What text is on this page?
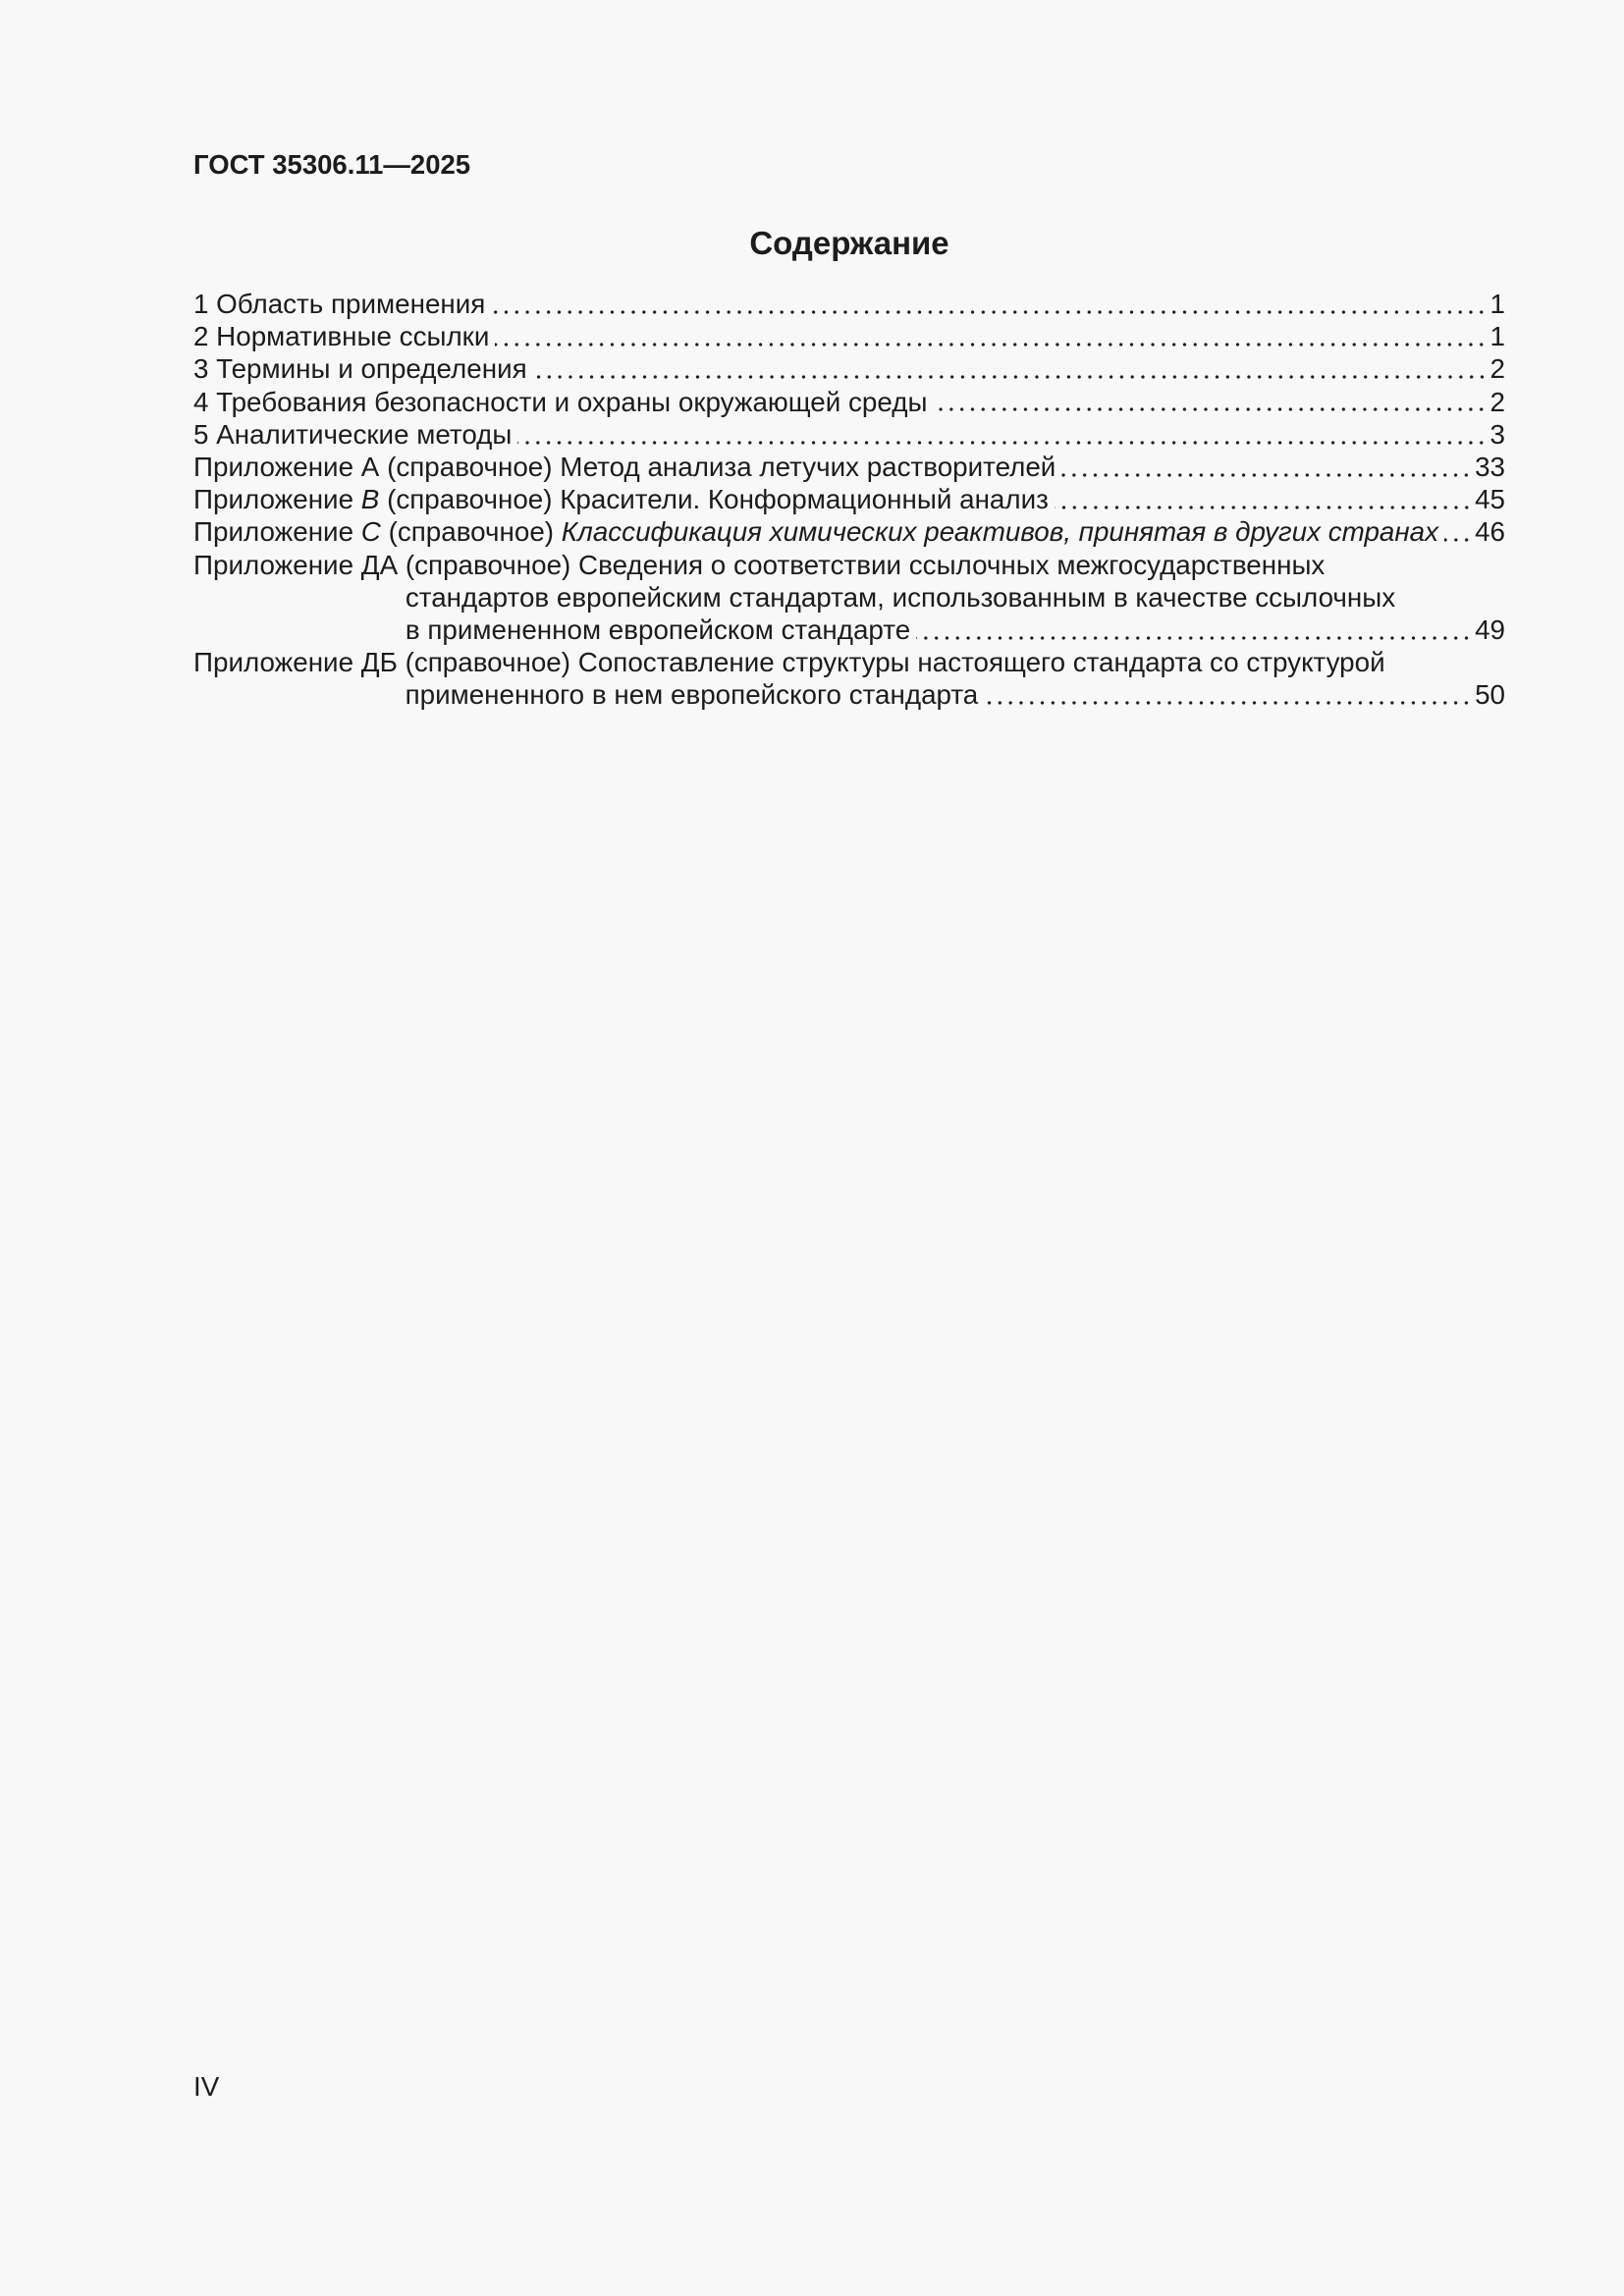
ГОСТ 35306.11—2025
Содержание
1 Область применения	1
2 Нормативные ссылки	1
3 Термины и определения	2
4 Требования безопасности и охраны окружающей среды	2
5 Аналитические методы	3
Приложение А (справочное) Метод анализа летучих растворителей	33
Приложение B (справочное) Красители. Конформационный анализ	45
Приложение C (справочное) Классификация химических реактивов, принятая в других странах 46
Приложение ДА (справочное) Сведения о соответствии ссылочных межгосударственных
стандартов европейским стандартам, использованным в качестве ссылочных
в примененном европейском стандарте	49
Приложение ДБ (справочное) Сопоставление структуры настоящего стандарта со структурой
примененного в нем европейского стандарта	50
IV
